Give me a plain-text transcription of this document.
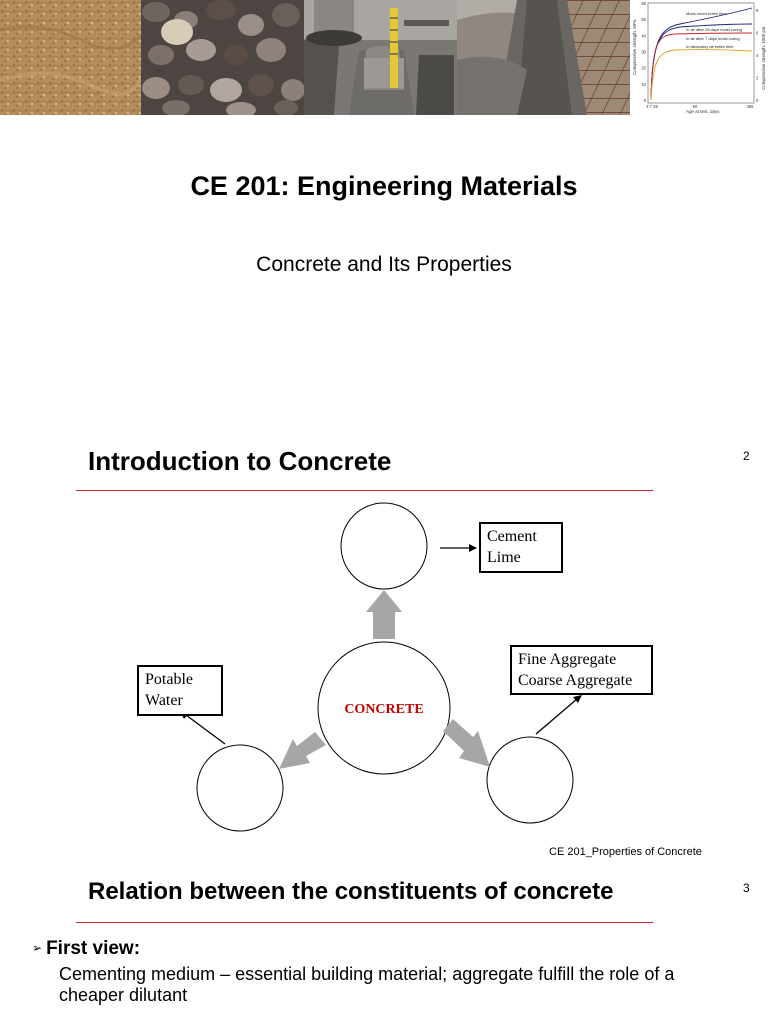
Compressive strength, MPa	Compressive strength, 1000 psi
Age at test, days
60
50
40
30
20
10
0
8
6
4
2
0
3 7 28	90	365
Moist-cured entire time
In air after 28 days moist curing
In air after 7 days moist curing
In laboratory air entire time
CE 201: Engineering Materials
Concrete and Its Properties
Introduction to Concrete	2
CONCRETE
Cement
Lime
Potable
Water
Fine Aggregate
Coarse Aggregate
CE 201_Properties of Concrete
Relation between the constituents of concrete	3
➢ First view:
Cementing medium – essential building material; aggregate fulfill the role of a cheaper dilutant
